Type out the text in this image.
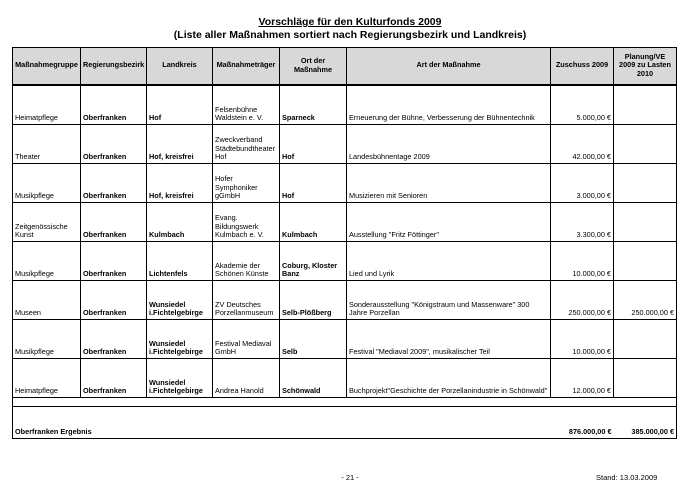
Vorschläge für den Kulturfonds 2009
(Liste aller Maßnahmen sortiert nach Regierungsbezirk und Landkreis)
Maßnahmegruppe	Regierungsbezirk	Landkreis	Maßnahmeträger	Ort der Maßnahme	Art der Maßnahme	Zuschuss 2009	Planung/VE 2009 zu Lasten 2010
Heimatpflege	Oberfranken	Hof	Felsenbühne Waldstein e. V.	Sparneck	Erneuerung der Bühne, Verbesserung der Bühnentechnik	5.000,00 €	
Theater	Oberfranken	Hof, kreisfrei	Zweckverband Städtebundtheater Hof	Hof	Landesbühnentage 2009	42.000,00 €	
Musikpflege	Oberfranken	Hof, kreisfrei	Hofer Symphoniker gGmbH	Hof	Musizieren mit Senioren	3.000,00 €	
Zeitgenössische Kunst	Oberfranken	Kulmbach	Evang. Bildungswerk Kulmbach e. V.	Kulmbach	Ausstellung "Fritz Föttinger"	3.300,00 €	
Musikpflege	Oberfranken	Lichtenfels	Akademie der Schönen Künste	Coburg, Kloster Banz	Lied und Lyrik	10.000,00 €	
Museen	Oberfranken	Wunsiedel i.Fichtelgebirge	ZV Deutsches Porzellanmuseum	Selb-Plößberg	Sonderausstellung "Königstraum und Massenware" 300 Jahre Porzellan	250.000,00 €	250.000,00 €
Musikpflege	Oberfranken	Wunsiedel i.Fichtelgebirge	Festival Mediaval GmbH	Selb	Festival "Mediaval 2009", musikalischer Teil	10.000,00 €	
Heimatpflege	Oberfranken	Wunsiedel i.Fichtelgebirge	Andrea Hanold	Schönwald	Buchprojekt"Geschichte der Porzellanindustrie in Schönwald"	12.000,00 €	

Oberfranken Ergebnis						876.000,00 €	385.000,00 €
- 21 -	Stand: 13.03.2009
